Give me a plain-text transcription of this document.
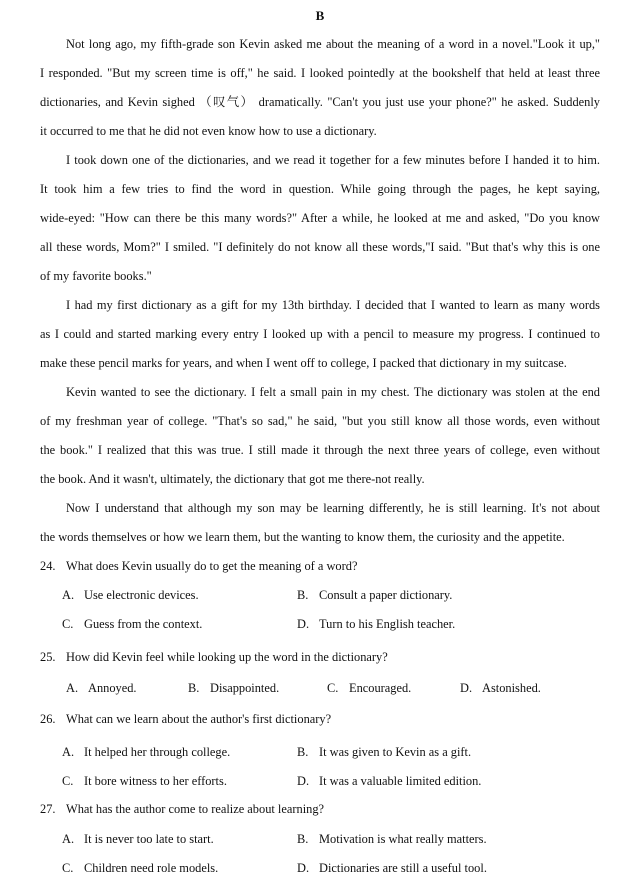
B
Not long ago, my fifth-grade son Kevin asked me about the meaning of a word in a novel."Look it up,"
I responded. "But my screen time is off," he said. I looked pointedly at the bookshelf that held at least three
dictionaries, and Kevin sighed （叹气） dramatically. "Can't you just use your phone?" he asked. Suddenly
it occurred to me that he did not even know how to use a dictionary.
I took down one of the dictionaries, and we read it together for a few minutes before I handed it to him.
It took him a few tries to find the word in question. While going through the pages, he kept saying,
wide-eyed: "How can there be this many words?" After a while, he looked at me and asked, "Do you know
all these words, Mom?" I smiled. "I definitely do not know all these words,"I said. "But that's why this is one
of my favorite books."
I had my first dictionary as a gift for my 13th birthday. I decided that I wanted to learn as many words
as I could and started marking every entry I looked up with a pencil to measure my progress. I continued to
make these pencil marks for years, and when I went off to college, I packed that dictionary in my suitcase.
Kevin wanted to see the dictionary. I felt a small pain in my chest. The dictionary was stolen at the end
of my freshman year of college. "That's so sad," he said, "but you still know all those words, even without
the book." I realized that this was true. I still made it through the next three years of college, even without
the book. And it wasn't, ultimately, the dictionary that got me there-not really.
Now I understand that although my son may be learning differently, he is still learning. It's not about
the words themselves or how we learn them, but the wanting to know them, the curiosity and the appetite.
24. What does Kevin usually do to get the meaning of a word?
A. Use electronic devices.	B. Consult a paper dictionary.
C. Guess from the context.	D. Turn to his English teacher.
25. How did Kevin feel while looking up the word in the dictionary?
A. Annoyed.	B. Disappointed.	C. Encouraged.	D. Astonished.
26. What can we learn about the author's first dictionary?
A. It helped her through college.	B. It was given to Kevin as a gift.
C. It bore witness to her efforts.	D. It was a valuable limited edition.
27. What has the author come to realize about learning?
A. It is never too late to start.	B. Motivation is what really matters.
C. Children need role models.	D. Dictionaries are still a useful tool.
